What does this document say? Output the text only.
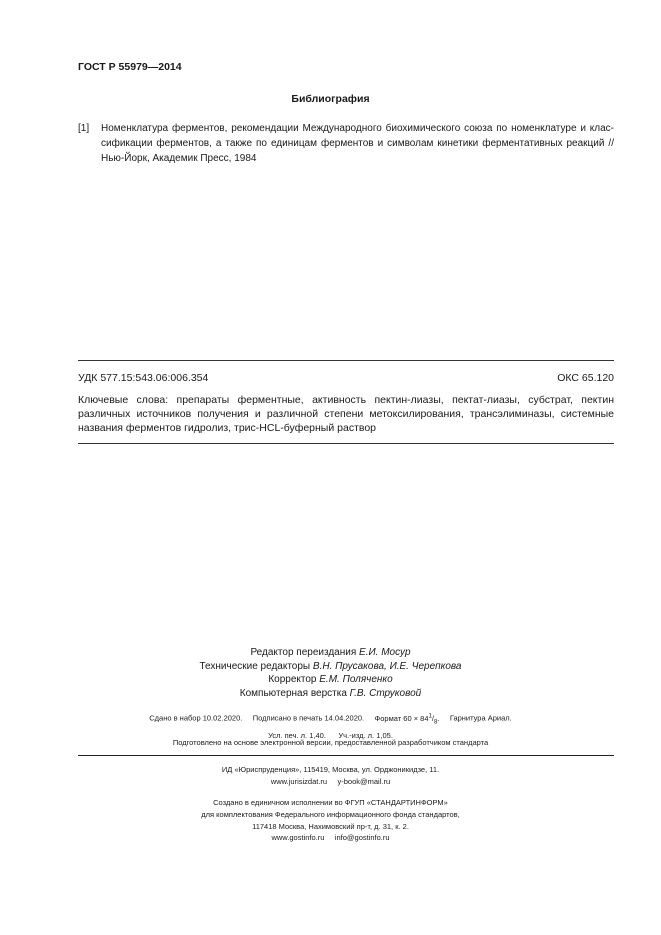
ГОСТ Р 55979—2014
Библиография
[1] Номенклатура ферментов, рекомендации Международного биохимического союза по номенклатуре и клас-сификации ферментов, а также по единицам ферментов и символам кинетики ферментативных реакций // Нью-Йорк, Академик Пресс, 1984
УДК 577.15:543.06:006.354	ОКС 65.120
Ключевые слова: препараты ферментные, активность пектин-лиазы, пектат-лиазы, субстрат, пектин различных источников получения и различной степени метоксилирования, трансэлиминазы, системные названия ферментов гидролиз, трис-HCL-буферный раствор
Редактор переиздания Е.И. Мосур
Технические редакторы В.Н. Прусакова, И.Е. Черепкова
Корректор Е.М. Поляченко
Компьютерная верстка Г.В. Струковой
Сдано в набор 10.02.2020. Подписано в печать 14.04.2020. Формат $60 \times 84^1/_8$. Гарнитура Ариал.
Усл. печ. л. 1,40. Уч.-изд. л. 1,05.
Подготовлено на основе электронной версии, предоставленной разработчиком стандарта
ИД «Юриспруденция», 115419, Москва, ул. Орджоникидзе, 11.
www.jurisizdat.ru y-book@mail.ru
Создано в единичном исполнении во ФГУП «СТАНДАРТИНФОРМ»
для комплектования Федерального информационного фонда стандартов,
117418 Москва, Нахимовский пр-т, д. 31, к. 2.
www.gostinfo.ru info@gostinfo.ru
